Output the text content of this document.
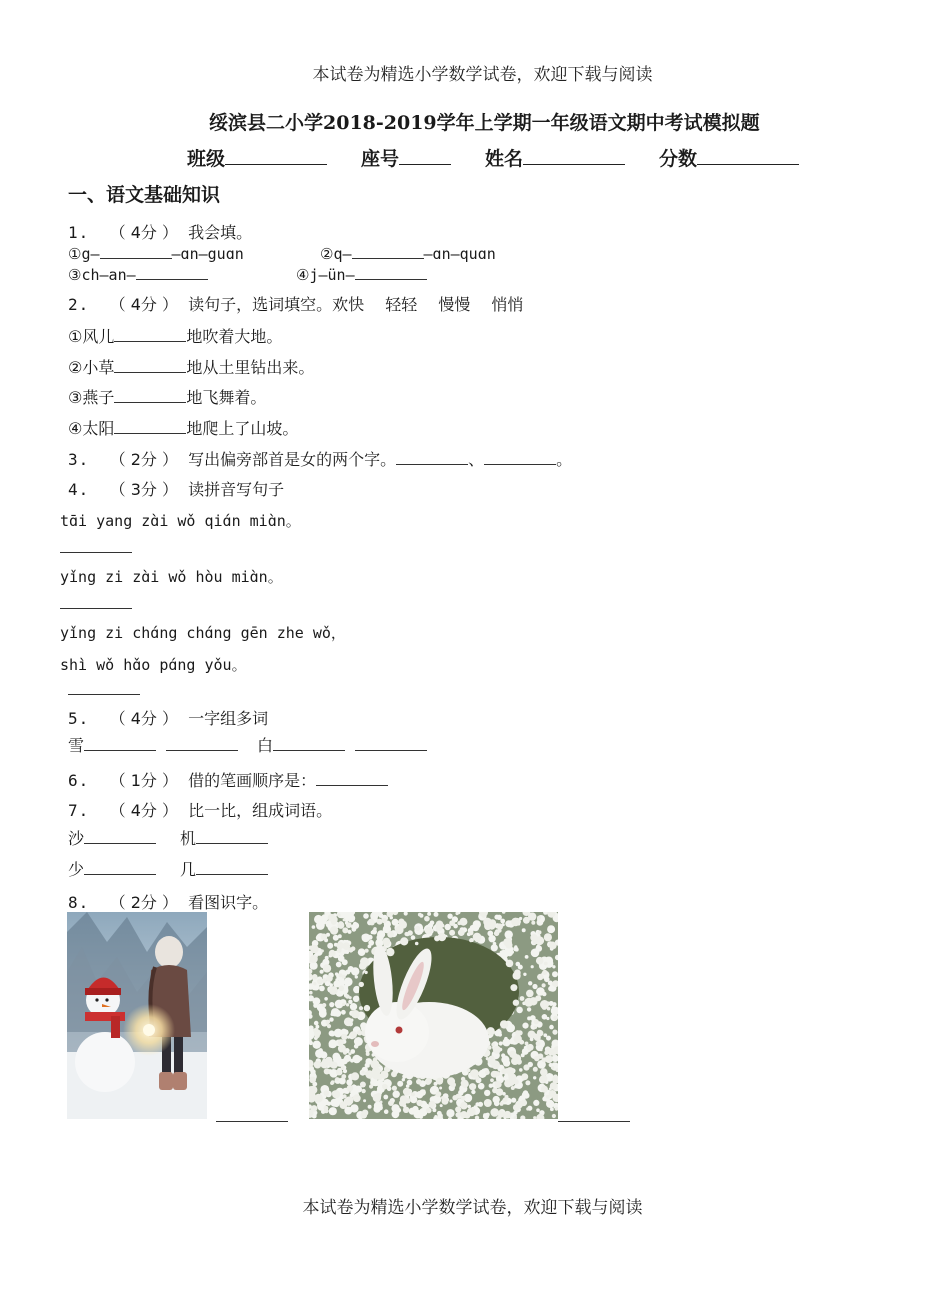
本试卷为精选小学数学试卷，欢迎下载与阅读
绥滨县二小学2018-2019学年上学期一年级语文期中考试模拟题
班级	座号	姓名	分数
一、语文基础知识
1. （ 4分 ） 我会填。
①g—	—ɑn—guɑn	②q—	—ɑn—quɑn
③ch—an—	④j—ün—
2. （ 4分 ） 读句子，选词填空。欢快　 轻轻　 慢慢　 悄悄
①风儿	地吹着大地。
②小草	地从土里钻出来。
③燕子	地飞舞着。
④太阳	地爬上了山坡。
3. （ 2分 ） 写出偏旁部首是女的两个字。	、	。
4. （ 3分 ） 读拼音写句子
tɑ̄i yang zɑ̀i wǒ qiɑ́n miɑ̀n。
yǐng zi zɑ̀i wǒ hòu miɑ̀n。
yǐng zi chɑ́ng chɑ́ng gēn zhe wǒ，
shì wǒ hɑ̌o pɑ́ng yǒu。
5. （ 4分 ） 一字组多词
雪	白
6. （ 1分 ） 借的笔画顺序是：
7. （ 4分 ） 比一比，组成词语。
沙	机
少	几
8. （ 2分 ） 看图识字。
本试卷为精选小学数学试卷，欢迎下载与阅读
